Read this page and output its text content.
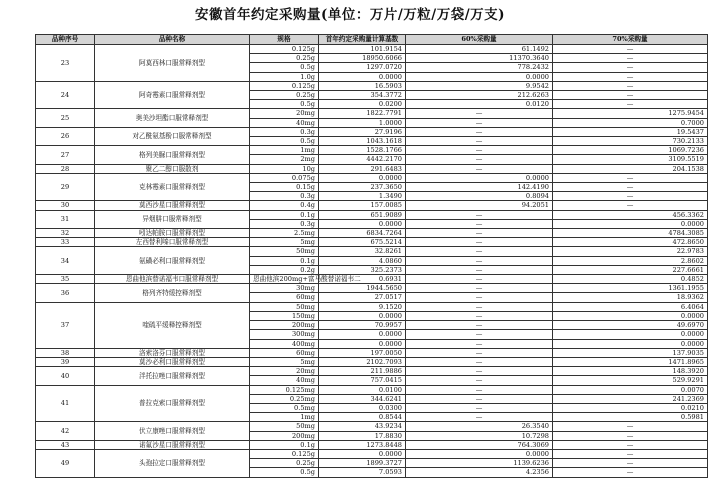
安徽首年约定采购量(单位：万片/万粒/万袋/万支)
品种序号	品种名称	规格	首年约定采购量计算基数	60%采购量	70%采购量
23	阿莫西林口服常释剂型	0.125g	101.9154	61.1492	—
		0.25g	18950.6066	11370.3640	—
		0.5g	1297.0720	778.2432	—
		1.0g	0.0000	0.0000	—
24	阿奇霉素口服常释剂型	0.125g	16.5903	9.9542	—
		0.25g	354.3772	212.6263	—
		0.5g	0.0200	0.0120	—
25	奥美沙坦酯口服常释剂型	20mg	1822.7791	—	1275.9454
		40mg	1.0000	—	0.7000
26	对乙酰氨基酚口服常释剂型	0.3g	27.9196	—	19.5437
		0.5g	1043.1618	—	730.2133
27	格列美脲口服常释剂型	1mg	1528.1766	—	1069.7236
		2mg	4442.2170	—	3109.5519
28	聚乙二醇口服散剂	10g	291.6483	—	204.1538
29	克林霉素口服常释剂型	0.075g	0.0000	0.0000	—
		0.15g	237.3650	142.4190	—
		0.3g	1.3490	0.8094	—
30	莫西沙星口服常释剂型	0.4g	157.0085	94.2051	—
31	异烟肼口服常释剂型	0.1g	651.9089	—	456.3362
		0.3g	0.0000	—	0.0000
32	吲达帕胺口服常释剂型	2.5mg	6834.7264	—	4784.3085
33	左西替利嗪口服常释剂型	5mg	675.5214	—	472.8650
34	氨磺必利口服常释剂型	50mg	32.8261	—	22.9783
		0.1g	4.0860	—	2.8602
		0.2g	325.2373	—	227.6661
35	恩曲他滨替诺福韦口服常释剂型	恩曲他滨200mg+富马酸替诺福韦二	0.6931	—	0.4852
36	格列齐特缓控释剂型	30mg	1944.5650	—	1361.1955
		60mg	27.0517	—	18.9362
37	喹硫平缓释控释剂型	50mg	9.1520	—	6.4064
		150mg	0.0000	—	0.0000
		200mg	70.9957	—	49.6970
		300mg	0.0000	—	0.0000
		400mg	0.0000	—	0.0000
38	洛索洛芬口服常释剂型	60mg	197.0050	—	137.9035
39	莫沙必利口服常释剂型	5mg	2102.7093	—	1471.8965
40	泮托拉唑口服常释剂型	20mg	211.9886	—	148.3920
		40mg	757.0415	—	529.9291
41	普拉克索口服常释剂型	0.125mg	0.0100	—	0.0070
		0.25mg	344.6241	—	241.2369
		0.5mg	0.0300	—	0.0210
		1mg	0.8544	—	0.5981
42	伏立康唑口服常释剂型	50mg	43.9234	26.3540	—
		200mg	17.8830	10.7298	—
43	诺氟沙星口服常释剂型	0.1g	1273.8448	764.3069	—
49	头孢拉定口服常释剂型	0.125g	0.0000	0.0000	—
		0.25g	1899.3727	1139.6236	—
		0.5g	7.0593	4.2356	—
